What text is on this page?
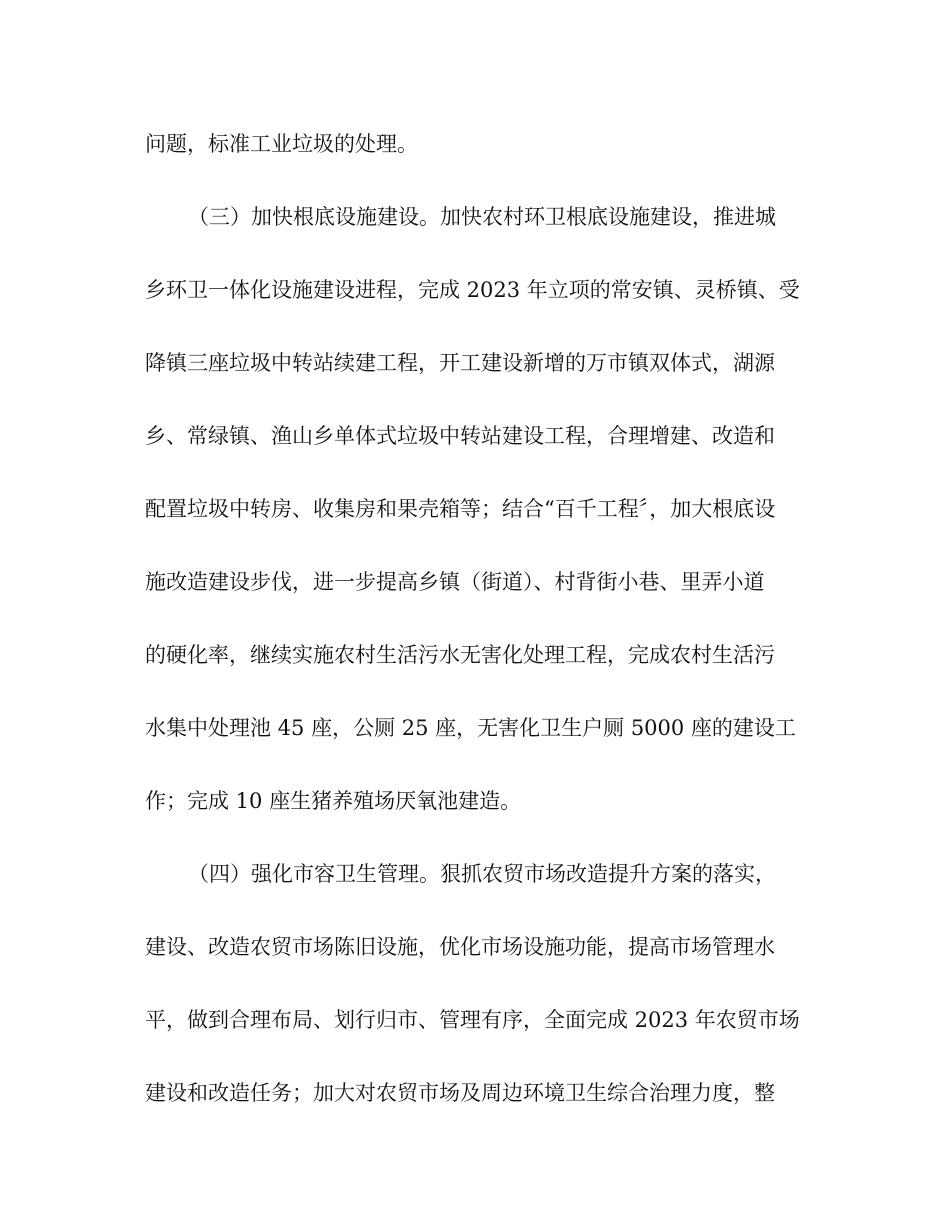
问题，标准工业垃圾的处理。
（三）加快根底设施建设。加快农村环卫根底设施建设，推进城
乡环卫一体化设施建设进程，完成 2023 年立项的常安镇、灵桥镇、受
降镇三座垃圾中转站续建工程，开工建设新增的万市镇双体式，湖源
乡、常绿镇、渔山乡单体式垃圾中转站建设工程，合理增建、改造和
配置垃圾中转房、收集房和果壳箱等；结合“百千工程〞，加大根底设
施改造建设步伐，进一步提高乡镇（街道）、村背街小巷、里弄小道
的硬化率，继续实施农村生活污水无害化处理工程，完成农村生活污
水集中处理池 45 座，公厕 25 座，无害化卫生户厕 5000 座的建设工
作；完成 10 座生猪养殖场厌氧池建造。
（四）强化市容卫生管理。狠抓农贸市场改造提升方案的落实，
建设、改造农贸市场陈旧设施，优化市场设施功能，提高市场管理水
平，做到合理布局、划行归市、管理有序，全面完成 2023 年农贸市场
建设和改造任务；加大对农贸市场及周边环境卫生综合治理力度，整
